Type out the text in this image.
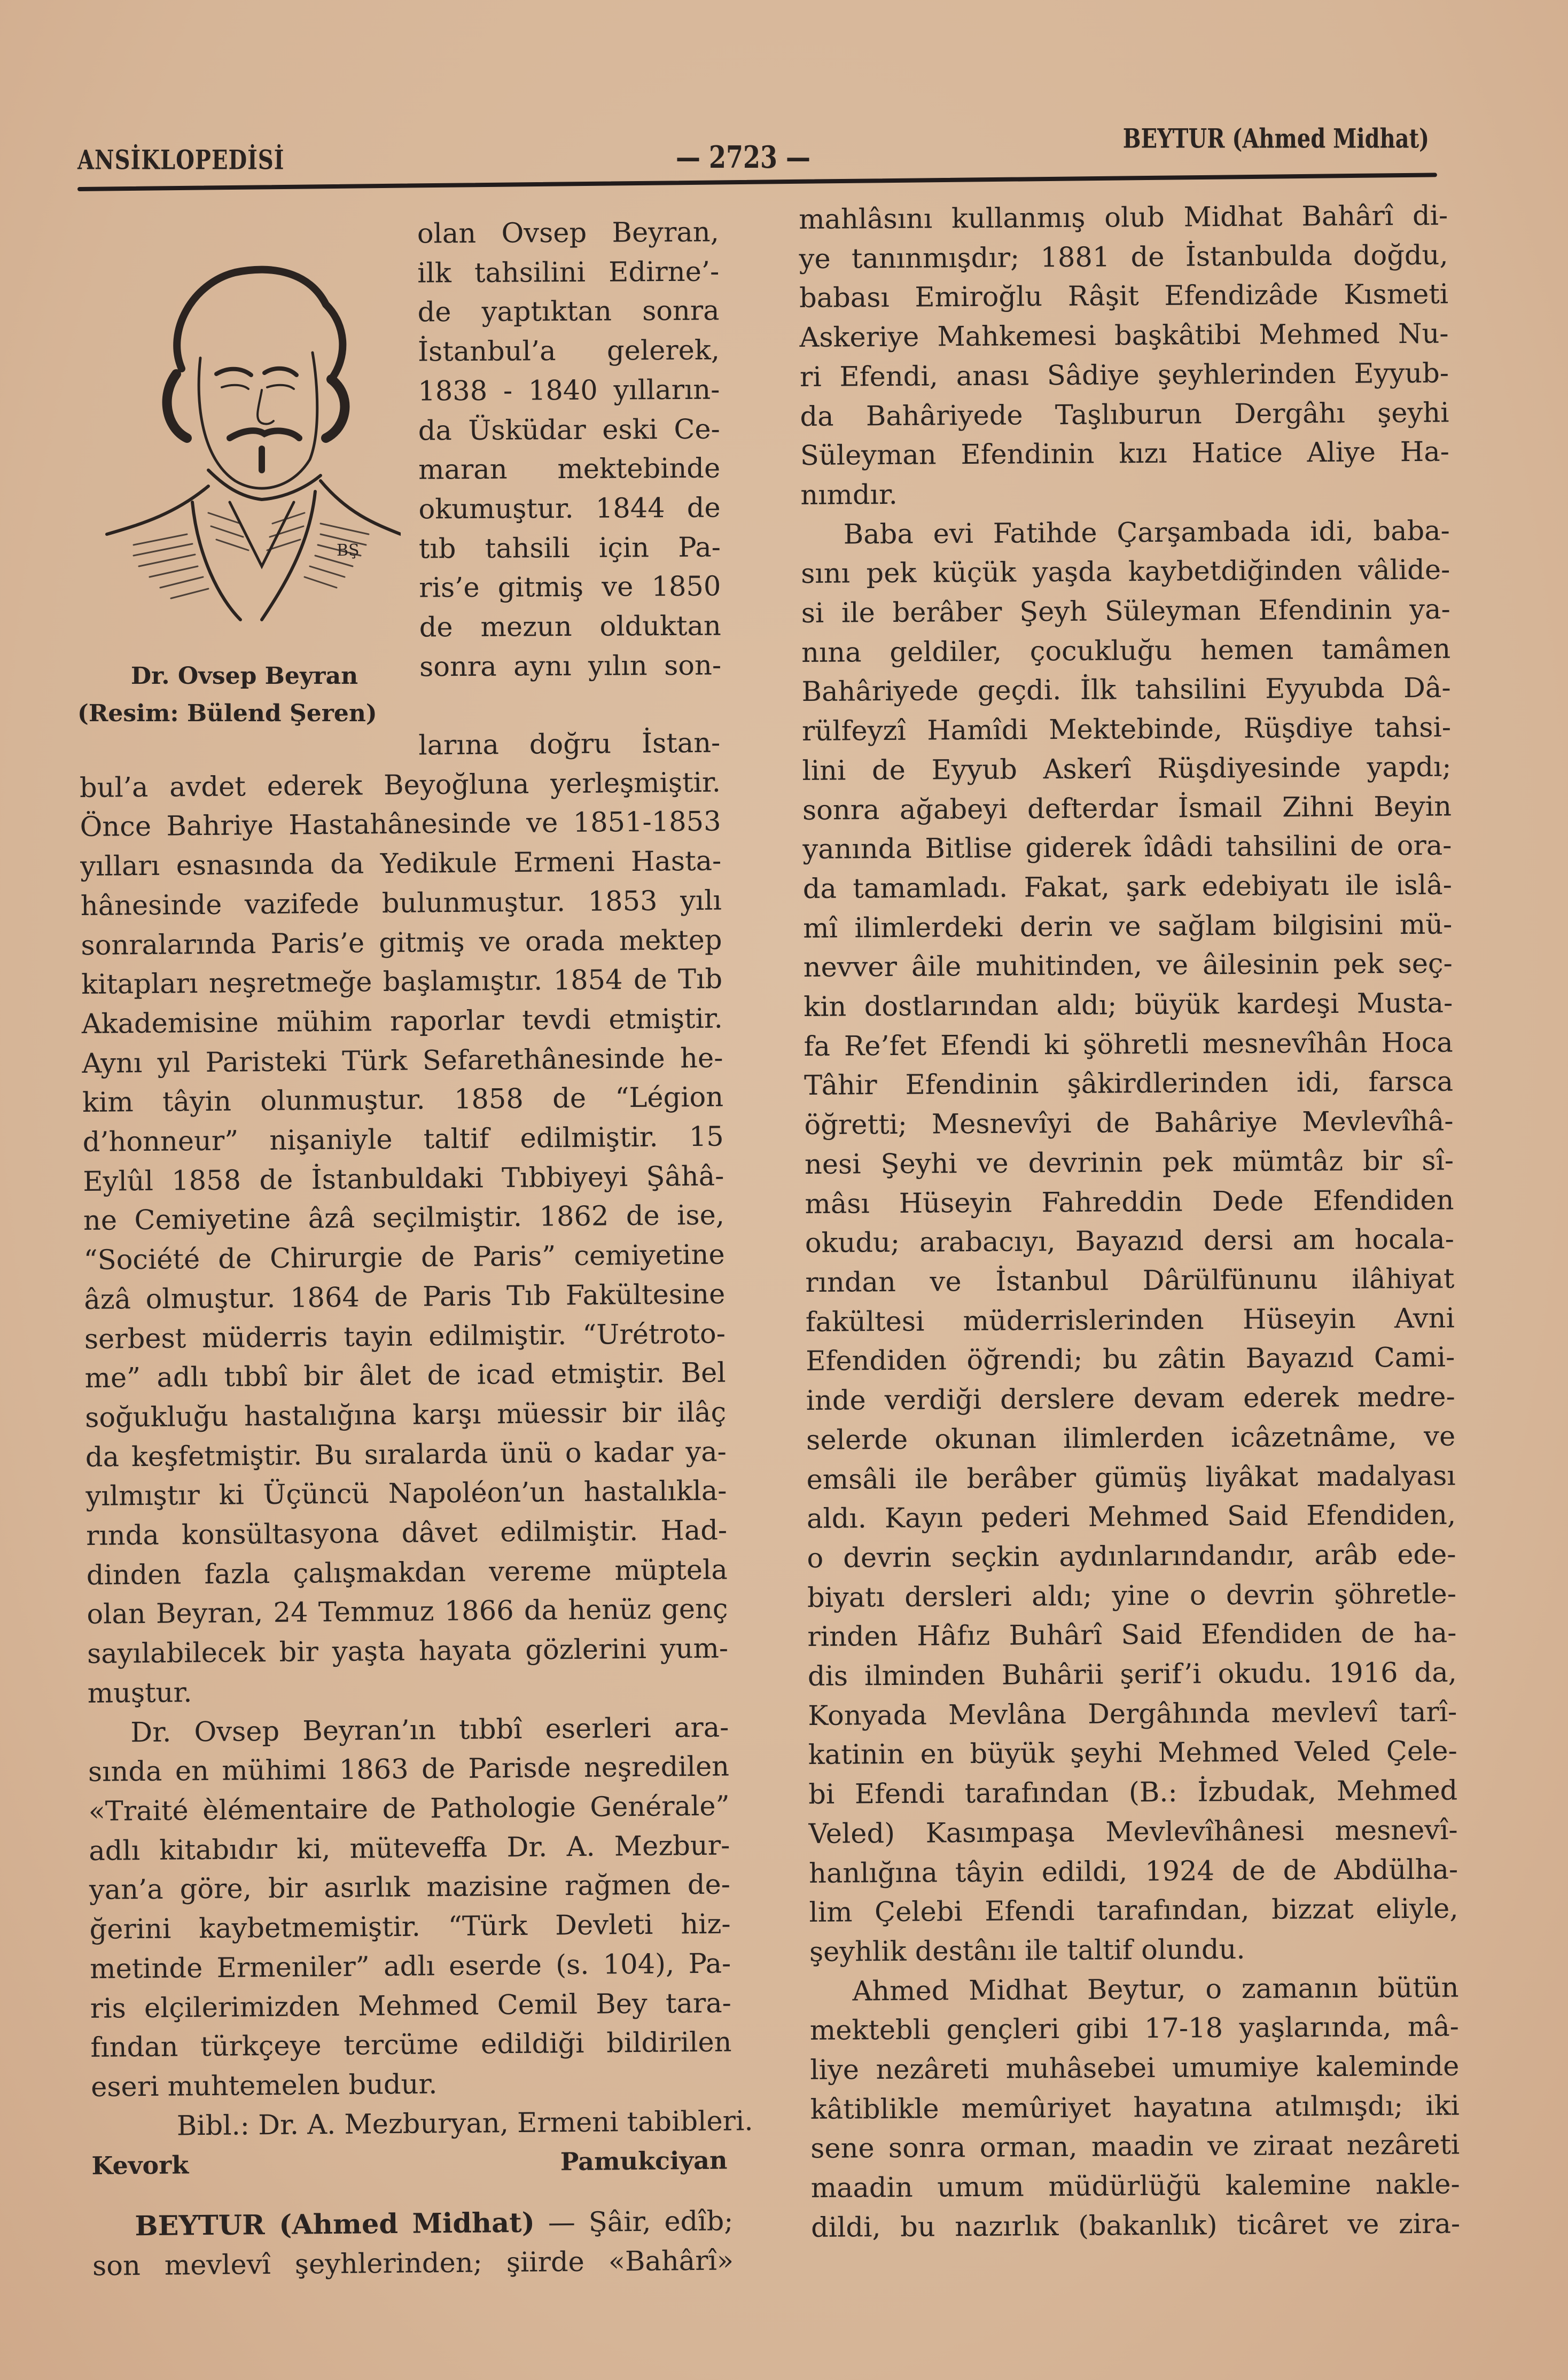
ANSİKLOPEDİSİ	— 2723 —
BEYTUR (Ahmed Midhat)
BŞ
Dr. Ovsep Beyran
(Resim: Bülend Şeren)

olan Ovsep Beyran,

ilk tahsilini Edirne’-

de yaptıktan sonra

İstanbul’a gelerek,

1838 - 1840 yılların-

da Üsküdar eski Ce-

maran mektebinde

okumuştur. 1844 de

tıb tahsili için Pa-

ris’e gitmiş ve 1850

de mezun olduktan

sonra aynı yılın son-

larına doğru İstan-

bul’a avdet ederek Beyoğluna yerleşmiştir.

Önce Bahriye Hastahânesinde ve 1851-1853

yılları esnasında da Yedikule Ermeni Hasta-

hânesinde vazifede bulunmuştur. 1853 yılı

sonralarında Paris’e gitmiş ve orada mektep

kitapları neşretmeğe başlamıştır. 1854 de Tıb

Akademisine mühim raporlar tevdi etmiştir.

Aynı yıl Paristeki Türk Sefarethânesinde he-

kim tâyin olunmuştur. 1858 de “Légion

d’honneur” nişaniyle taltif edilmiştir. 15

Eylûl 1858 de İstanbuldaki Tıbbiyeyi Şâhâ-

ne Cemiyetine âzâ seçilmiştir. 1862 de ise,

“Société de Chirurgie de Paris” cemiyetine

âzâ olmuştur. 1864 de Paris Tıb Fakültesine

serbest müderris tayin edilmiştir. “Urétroto-

me” adlı tıbbî bir âlet de icad etmiştir. Bel

soğukluğu hastalığına karşı müessir bir ilâç

da keşfetmiştir. Bu sıralarda ünü o kadar ya-

yılmıştır ki Üçüncü Napoléon’un hastalıkla-

rında konsültasyona dâvet edilmiştir. Had-

dinden fazla çalışmakdan vereme müptela

olan Beyran, 24 Temmuz 1866 da henüz genç

sayılabilecek bir yaşta hayata gözlerini yum-

muştur.

Dr. Ovsep Beyran’ın tıbbî eserleri ara-

sında en mühimi 1863 de Parisde neşredilen

«Traité èlémentaire de Pathologie Genérale”

adlı kitabıdır ki, müteveffa Dr. A. Mezbur-

yan’a göre, bir asırlık mazisine rağmen de-

ğerini kaybetmemiştir. “Türk Devleti hiz-

metinde Ermeniler” adlı eserde (s. 104), Pa-

ris elçilerimizden Mehmed Cemil Bey tara-

fından türkçeye tercüme edildiği bildirilen

eseri muhtemelen budur.

Bibl.: Dr. A. Mezburyan, Ermeni tabibleri.

Kevork Pamukciyan

BEYTUR (Ahmed Midhat) — Şâir, edîb;

son mevlevî şeyhlerinden; şiirde «Bahârî»

mahlâsını kullanmış olub Midhat Bahârî di-

ye tanınmışdır; 1881 de İstanbulda doğdu,

babası Emiroğlu Râşit Efendizâde Kısmeti

Askeriye Mahkemesi başkâtibi Mehmed Nu-

ri Efendi, anası Sâdiye şeyhlerinden Eyyub-

da Bahâriyede Taşlıburun Dergâhı şeyhi

Süleyman Efendinin kızı Hatice Aliye Ha-

nımdır.

Baba evi Fatihde Çarşambada idi, baba-

sını pek küçük yaşda kaybetdiğinden vâlide-

si ile berâber Şeyh Süleyman Efendinin ya-

nına geldiler, çocukluğu hemen tamâmen

Bahâriyede geçdi. İlk tahsilini Eyyubda Dâ-

rülfeyzî Hamîdi Mektebinde, Rüşdiye tahsi-

lini de Eyyub Askerî Rüşdiyesinde yapdı;

sonra ağabeyi defterdar İsmail Zihni Beyin

yanında Bitlise giderek îdâdi tahsilini de ora-

da tamamladı. Fakat, şark edebiyatı ile islâ-

mî ilimlerdeki derin ve sağlam bilgisini mü-

nevver âile muhitinden, ve âilesinin pek seç-

kin dostlarından aldı; büyük kardeşi Musta-

fa Re’fet Efendi ki şöhretli mesnevîhân Hoca

Tâhir Efendinin şâkirdlerinden idi, farsca

öğretti; Mesnevîyi de Bahâriye Mevlevîhâ-

nesi Şeyhi ve devrinin pek mümtâz bir sî-

mâsı Hüseyin Fahreddin Dede Efendiden

okudu; arabacıyı, Bayazıd dersi am hocala-

rından ve İstanbul Dârülfünunu ilâhiyat

fakültesi müderrislerinden Hüseyin Avni

Efendiden öğrendi; bu zâtin Bayazıd Cami-

inde verdiği derslere devam ederek medre-

selerde okunan ilimlerden icâzetnâme, ve

emsâli ile berâber gümüş liyâkat madalyası

aldı. Kayın pederi Mehmed Said Efendiden,

o devrin seçkin aydınlarındandır, arâb ede-

biyatı dersleri aldı; yine o devrin şöhretle-

rinden Hâfız Buhârî Said Efendiden de ha-

dis ilminden Buhârii şerif’i okudu. 1916 da,

Konyada Mevlâna Dergâhında mevlevî tarî-

katinin en büyük şeyhi Mehmed Veled Çele-

bi Efendi tarafından (B.: İzbudak, Mehmed

Veled) Kasımpaşa Mevlevîhânesi mesnevî-

hanlığına tâyin edildi, 1924 de de Abdülha-

lim Çelebi Efendi tarafından, bizzat eliyle,

şeyhlik destânı ile taltif olundu.

Ahmed Midhat Beytur, o zamanın bütün

mektebli gençleri gibi 17-18 yaşlarında, mâ-

liye nezâreti muhâsebei umumiye kaleminde

kâtiblikle memûriyet hayatına atılmışdı; iki

sene sonra orman, maadin ve ziraat nezâreti

maadin umum müdürlüğü kalemine nakle-

dildi, bu nazırlık (bakanlık) ticâret ve zira-
